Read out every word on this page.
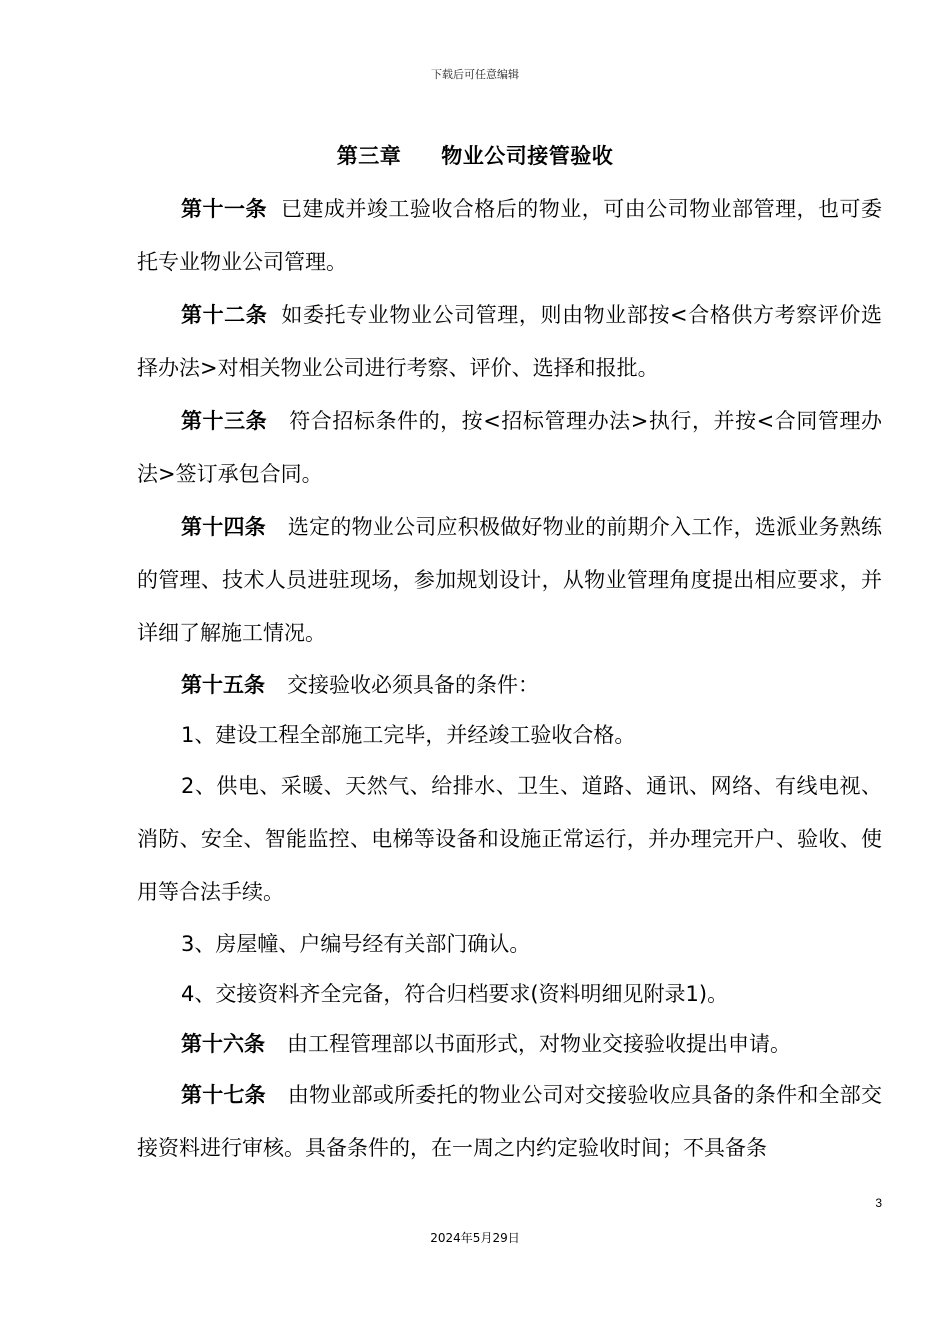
下载后可任意编辑
第三章 物业公司接管验收

第十一条 已建成并竣工验收合格后的物业，可由公司物业部管理，也可委托专业物业公司管理。

第十二条 如委托专业物业公司管理，则由物业部按<合格供方考察评价选择办法>对相关物业公司进行考察、评价、选择和报批。

第十三条 符合招标条件的，按<招标管理办法>执行，并按<合同管理办法>签订承包合同。

第十四条 选定的物业公司应积极做好物业的前期介入工作，选派业务熟练的管理、技术人员进驻现场，参加规划设计，从物业管理角度提出相应要求，并详细了解施工情况。

第十五条 交接验收必须具备的条件：

1、建设工程全部施工完毕，并经竣工验收合格。

2、供电、采暖、天然气、给排水、卫生、道路、通讯、网络、有线电视、消防、安全、智能监控、电梯等设备和设施正常运行，并办理完开户、验收、使用等合法手续。

3、房屋幢、户编号经有关部门确认。

4、交接资料齐全完备，符合归档要求(资料明细见附录1)。

第十六条 由工程管理部以书面形式，对物业交接验收提出申请。

第十七条 由物业部或所委托的物业公司对交接验收应具备的条件和全部交接资料进行审核。具备条件的，在一周之内约定验收时间；不具备条

3
2024年5月29日
